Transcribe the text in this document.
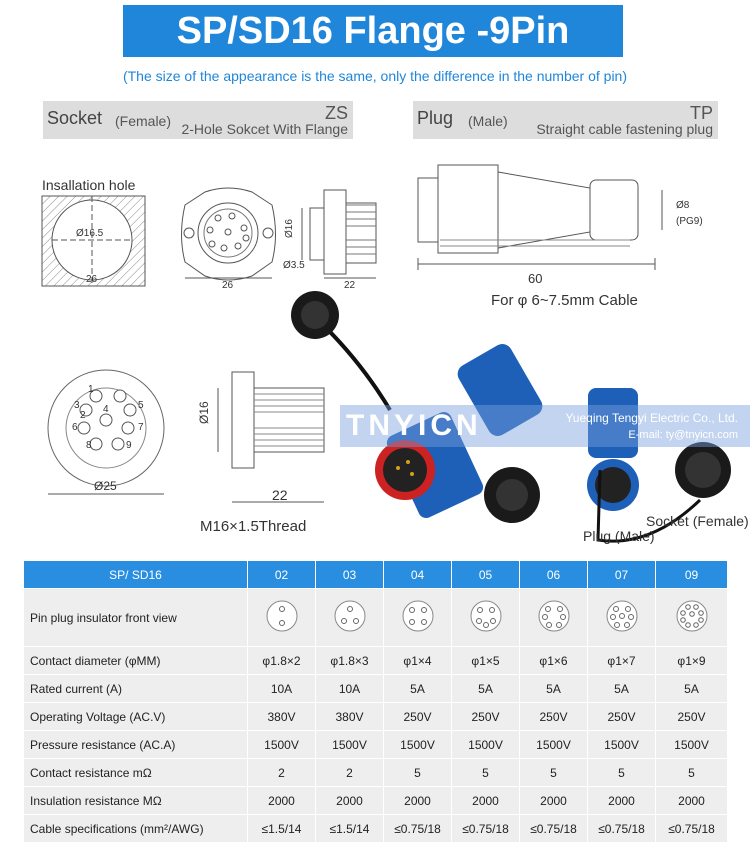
SP/SD16 Flange -9Pin
(The size of the appearance is the same, only the difference in the number of pin)
Socket (Female)	ZS
2-Hole Sokcet With Flange
Plug (Male)	TP
Straight cable fastening plug
Ø16.5
26
26
Ø16
Ø3.5
22
Ø8
(PG9)
60
1
2
3 4	5
6	7
8	9
Ø25
Ø16
22
Insallation hole
For φ 6~7.5mm Cable
M16×1.5Thread
Plug (Male)
Socket (Female)
TNYICN	Yueqing Tengyi Electric Co., Ltd.
E-mail: ty@tnyicn.com
SP/ SD16	02	03	04	05	06	07	09
Pin plug insulator front view							
Contact diameter (φMM)	φ1.8×2	φ1.8×3	φ1×4	φ1×5	φ1×6	φ1×7	φ1×9
Rated current (A)	10A	10A	5A	5A	5A	5A	5A
Operating Voltage (AC.V)	380V	380V	250V	250V	250V	250V	250V
Pressure resistance (AC.A)	1500V	1500V	1500V	1500V	1500V	1500V	1500V
Contact resistance mΩ	2	2	5	5	5	5	5
Insulation resistance MΩ	2000	2000	2000	2000	2000	2000	2000
Cable specifications (mm²/AWG)	≤1.5/14	≤1.5/14	≤0.75/18	≤0.75/18	≤0.75/18	≤0.75/18	≤0.75/18
